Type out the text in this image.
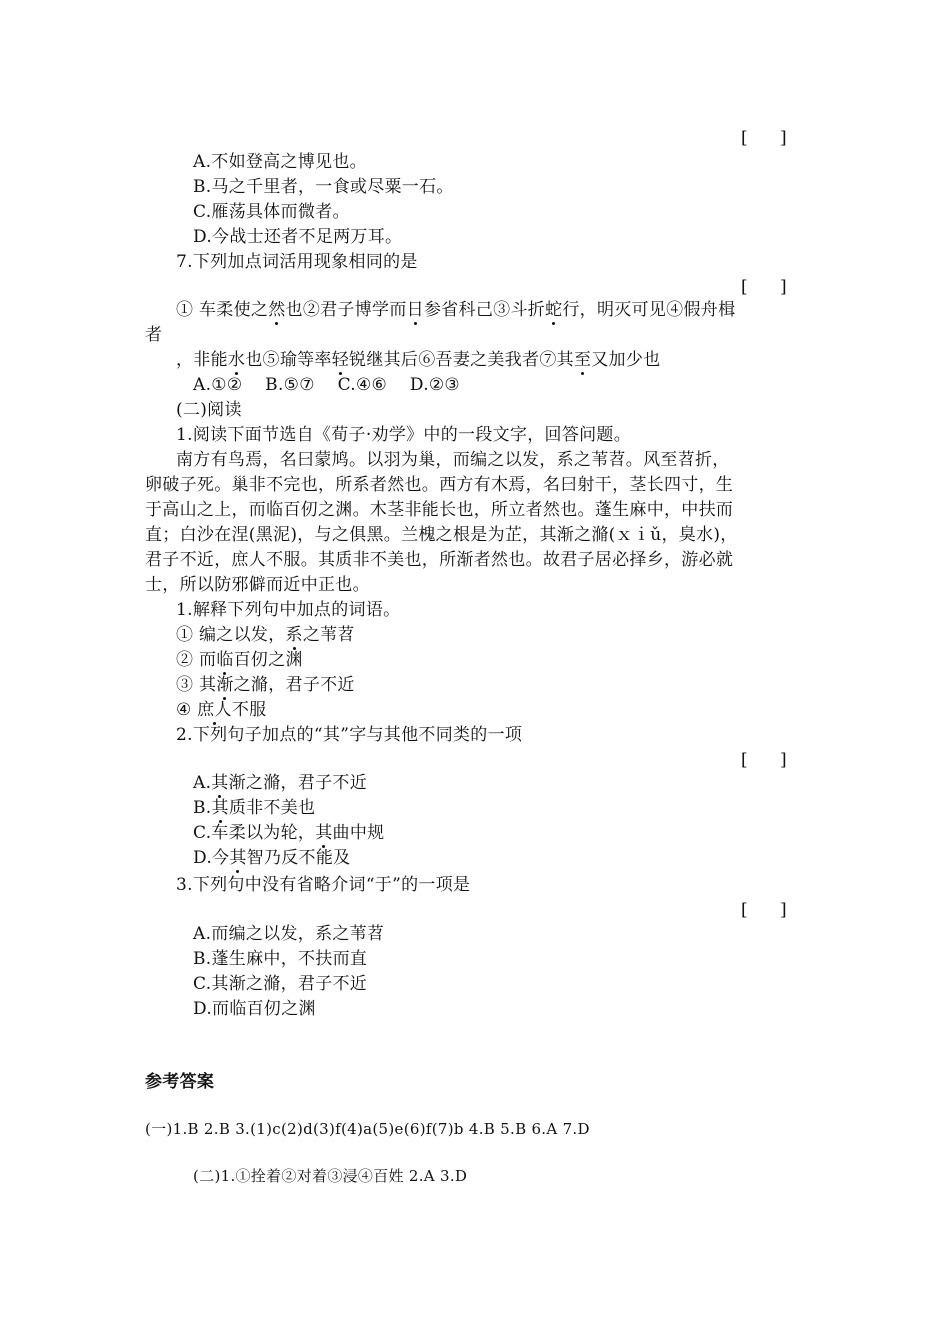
[      ]
A.不如登高之博见也。
B.马之千里者，一食或尽粟一石。
C.雁荡具体而微者。
D.今战士还者不足两万耳。
7.下列加点词活用现象相同的是
[      ]
① 车柔使之然也②君子博学而日参省科己③斗折蛇行，明灭可见④假舟楫
者
，非能水也⑤瑜等率轻锐继其后⑥吾妻之美我者⑦其至又加少也
A.①②    B.⑤⑦    C.④⑥    D.②③
(二)阅读
1.阅读下面节选自《荀子·劝学》中的一段文字，回答问题。
南方有鸟焉，名曰蒙鸠。以羽为巢，而编之以发，系之苇苕。风至苕折，
卵破子死。巢非不完也，所系者然也。西方有木焉，名曰射干，茎长四寸，生
于高山之上，而临百仞之渊。木茎非能长也，所立者然也。蓬生麻中，中扶而
直；白沙在涅(黑泥)，与之俱黑。兰槐之根是为芷，其渐之滫(ｘｉǔ，臭水)，
君子不近，庶人不服。其质非不美也，所渐者然也。故君子居必择乡，游必就
士，所以防邪僻而近中正也。
1.解释下列句中加点的词语。
① 编之以发，系之苇苕
② 而临百仞之渊
③ 其渐之滫，君子不近
④ 庶人不服
2.下列句子加点的“其”字与其他不同类的一项
[      ]
A.其渐之滫，君子不近
B.其质非不美也
C.车柔以为轮，其曲中规
D.今其智乃反不能及
3.下列句中没有省略介词“于”的一项是
[      ]
A.而编之以发，系之苇苕
B.蓬生麻中，不扶而直
C.其渐之滫，君子不近
D.而临百仞之渊
参考答案
(一)1.B 2.B 3.(1)c(2)d(3)f(4)a(5)e(6)f(7)b 4.B 5.B 6.A 7.D
(二)1.①拴着②对着③浸④百姓 2.A 3.D
